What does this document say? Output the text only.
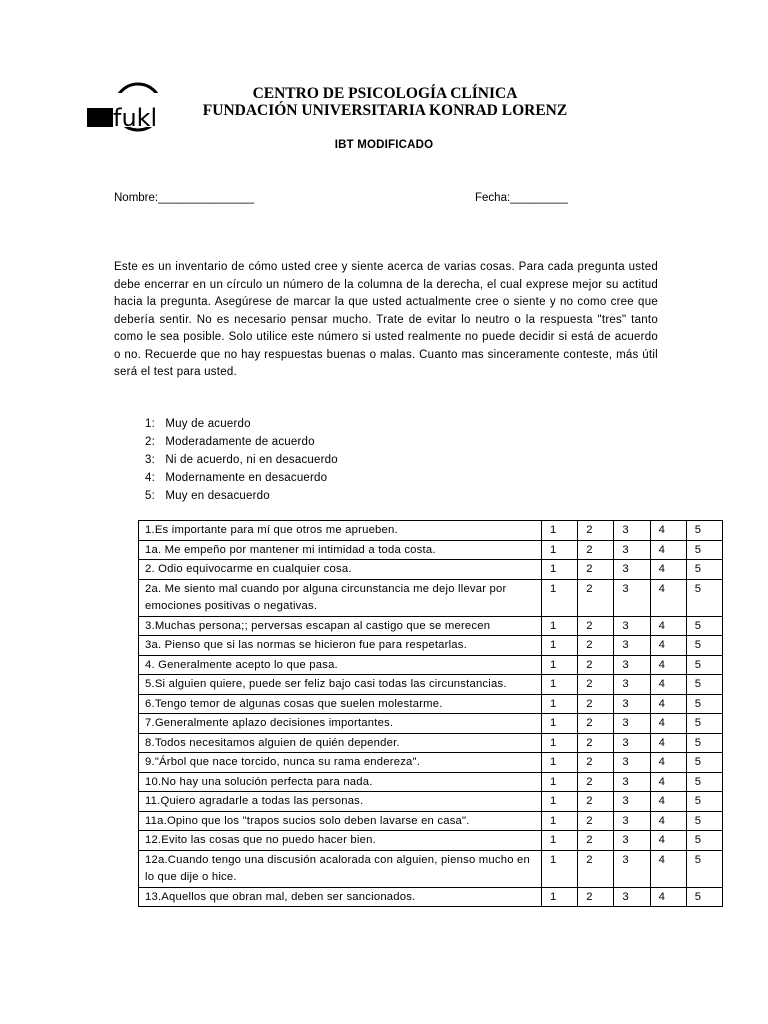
fukl
CENTRO DE PSICOLOGÍA CLÍNICA
FUNDACIÓN UNIVERSITARIA KONRAD LORENZ
IBT MODIFICADO
Nombre:_______________	Fecha:_________

Este es un inventario de cómo usted cree y siente acerca de varias cosas. Para cada pregunta usted debe encerrar en un círculo un número de la columna de la derecha, el cual exprese mejor su actitud hacia la pregunta. Asegúrese de marcar la que usted actualmente cree o siente y no como cree que debería sentir. No es necesario pensar mucho. Trate de evitar lo neutro o la respuesta "tres" tanto como le sea posible. Solo utilice este número si usted realmente no puede decidir si está de acuerdo o no. Recuerde que no hay respuestas buenas o malas. Cuanto mas sinceramente conteste, más útil será el test para usted.

1: Muy de acuerdo
2: Moderadamente de acuerdo
3: Ni de acuerdo, ni en desacuerdo
4: Modernamente en desacuerdo
5: Muy en desacuerdo
1.Es importante para mí que otros me aprueben.	1	2	3	4	5
1a. Me empeño por mantener mi intimidad a toda costa.	1	2	3	4	5
2. Odio equivocarme en cualquier cosa.	1	2	3	4	5
2a. Me siento mal cuando por alguna circunstancia me dejo llevar por emociones positivas o negativas.	1	2	3	4	5
3.Muchas persona;; perversas escapan al castigo que se merecen	1	2	3	4	5
3a. Pienso que si las normas se hicieron fue para respetarlas.	1	2	3	4	5
4. Generalmente acepto lo que pasa.	1	2	3	4	5
5.Si alguien quiere, puede ser feliz bajo casi todas las circunstancias.	1	2	3	4	5
6.Tengo temor de algunas cosas que suelen molestarme.	1	2	3	4	5
7.Generalmente aplazo decisiones importantes.	1	2	3	4	5
8.Todos necesitamos alguien de quién depender.	1	2	3	4	5
9."Árbol que nace torcido, nunca su rama endereza".	1	2	3	4	5
10.No hay una solución perfecta para nada.	1	2	3	4	5
11.Quiero agradarle a todas las personas.	1	2	3	4	5
11a.Opino que los "trapos sucios solo deben lavarse en casa".	1	2	3	4	5
12.Evito las cosas que no puedo hacer bien.	1	2	3	4	5
12a.Cuando tengo una discusión acalorada con alguien, pienso mucho en lo que dije o hice.	1	2	3	4	5
13.Aquellos que obran mal, deben ser sancionados.	1	2	3	4	5
